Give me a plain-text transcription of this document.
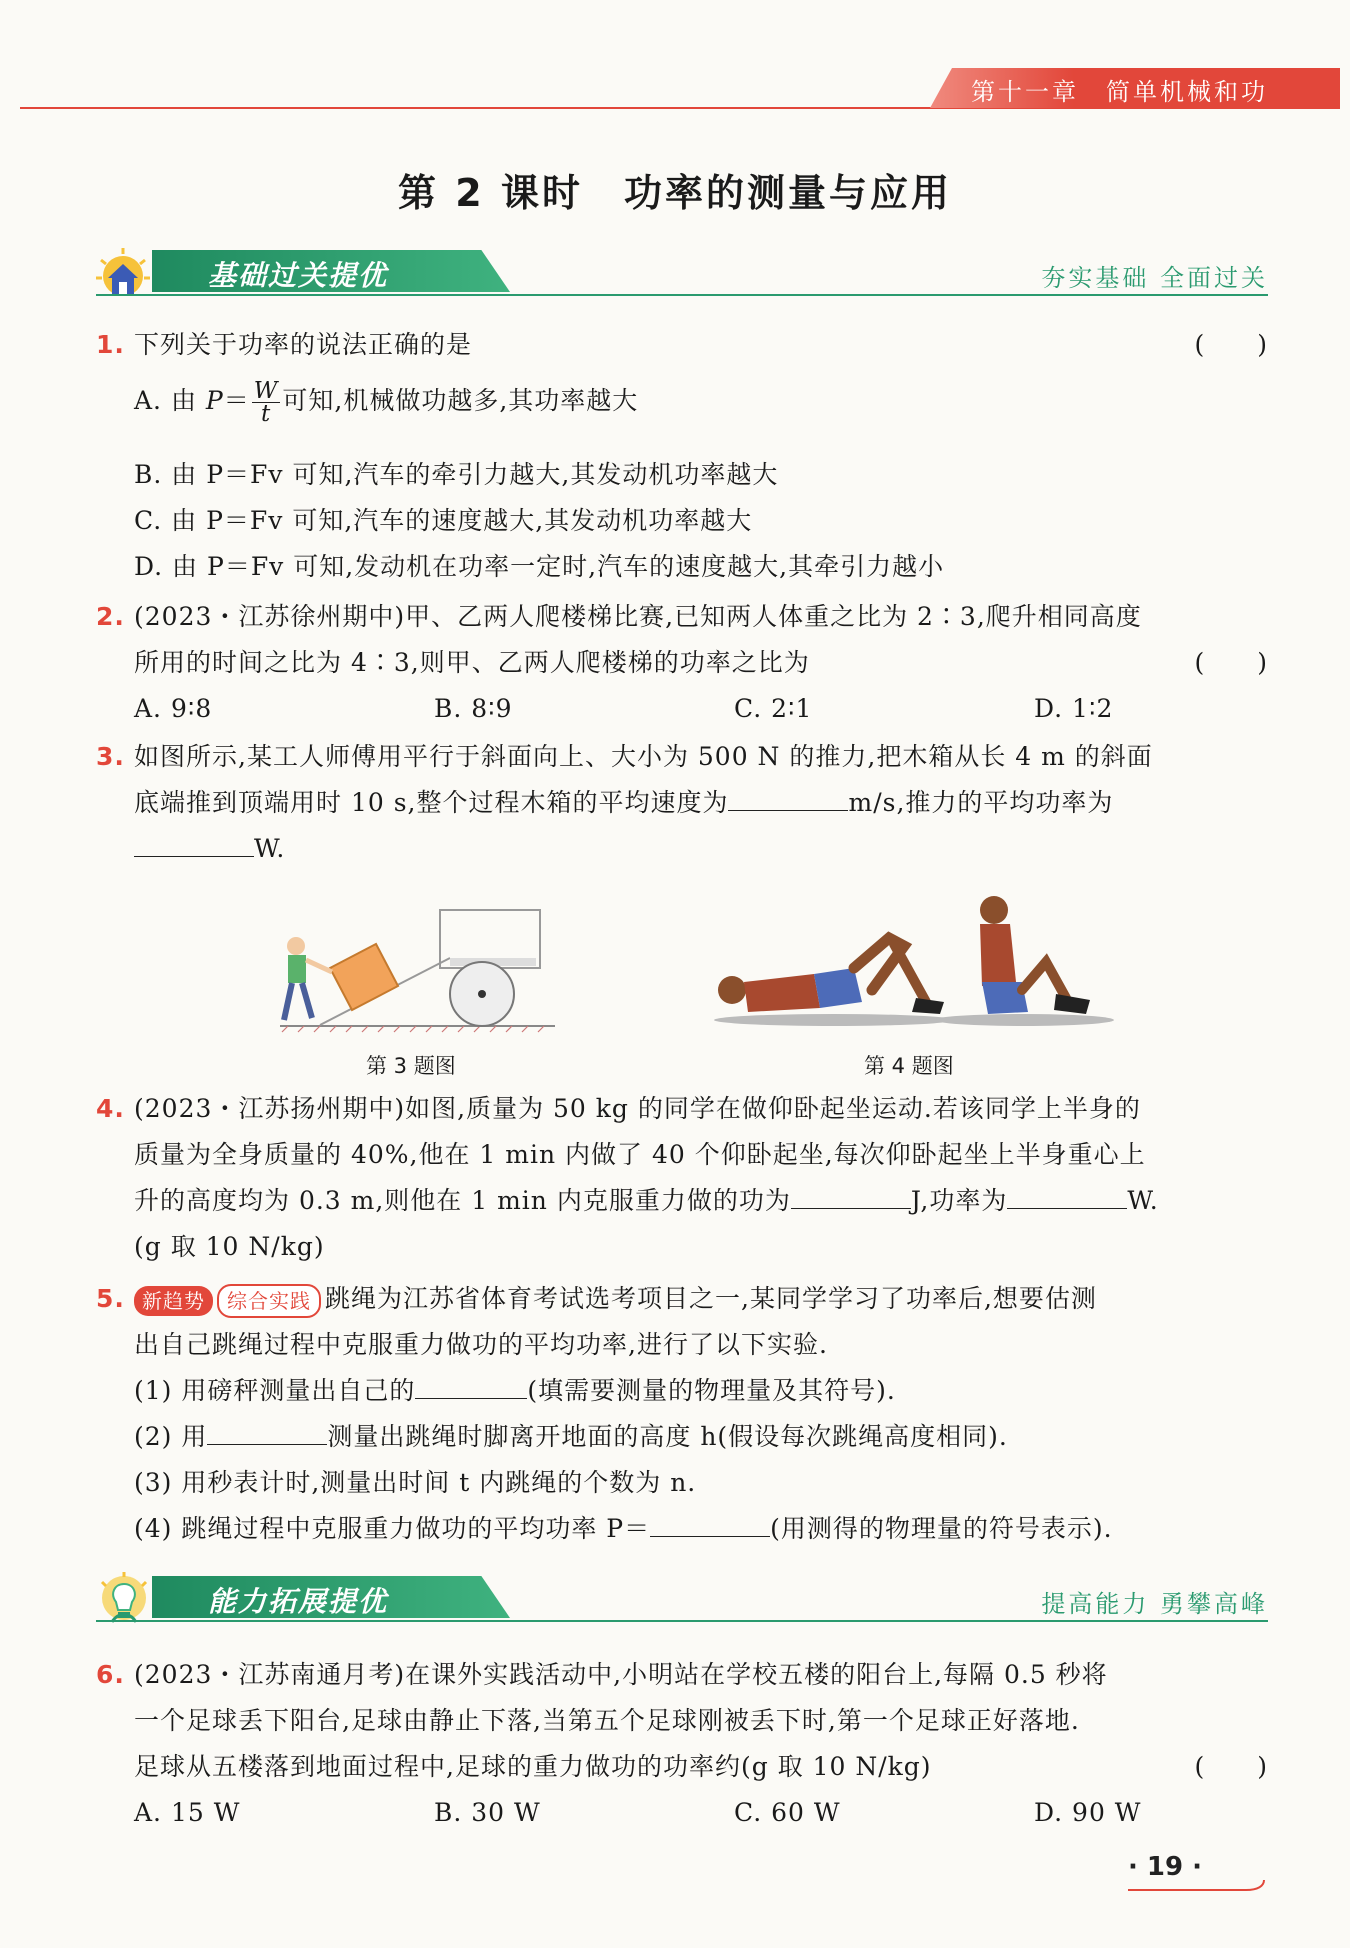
第十一章　简单机械和功
第 2 课时　功率的测量与应用
基础过关提优	夯实基础 全面过关
1. 下列关于功率的说法正确的是	(　　)
A. 由 $P= \frac{W}{t}$ 可知,机械做功越多,其功率越大
B. 由 P＝Fv 可知,汽车的牵引力越大,其发动机功率越大
C. 由 P＝Fv 可知,汽车的速度越大,其发动机功率越大
D. 由 P＝Fv 可知,发动机在功率一定时,汽车的速度越大,其牵引力越小
2. (2023・江苏徐州期中)甲、乙两人爬楼梯比赛,已知两人体重之比为 2∶3,爬升相同高度
所用的时间之比为 4∶3,则甲、乙两人爬楼梯的功率之比为	(　　)
A. 9∶8	B. 8∶9	C. 2∶1	D. 1∶2
3. 如图所示,某工人师傅用平行于斜面向上、大小为 500 N 的推力,把木箱从长 4 m 的斜面
底端推到顶端用时 10 s,整个过程木箱的平均速度为	m/s,推力的平均功率为
W.
第 3 题图	第 4 题图
4. (2023・江苏扬州期中)如图,质量为 50 kg 的同学在做仰卧起坐运动.若该同学上半身的
质量为全身质量的 40%,他在 1 min 内做了 40 个仰卧起坐,每次仰卧起坐上半身重心上
升的高度均为 0.3 m,则他在 1 min 内克服重力做的功为	J,功率为	W.
(g 取 10 N/kg)
5. 新趋势 综合实践 跳绳为江苏省体育考试选考项目之一,某同学学习了功率后,想要估测
出自己跳绳过程中克服重力做功的平均功率,进行了以下实验.
(1) 用磅秤测量出自己的	(填需要测量的物理量及其符号).
(2) 用	测量出跳绳时脚离开地面的高度 h(假设每次跳绳高度相同).
(3) 用秒表计时,测量出时间 t 内跳绳的个数为 n.
(4) 跳绳过程中克服重力做功的平均功率 P＝	(用测得的物理量的符号表示).
能力拓展提优	提高能力 勇攀高峰
6. (2023・江苏南通月考)在课外实践活动中,小明站在学校五楼的阳台上,每隔 0.5 秒将
一个足球丢下阳台,足球由静止下落,当第五个足球刚被丢下时,第一个足球正好落地.
足球从五楼落到地面过程中,足球的重力做功的功率约(g 取 10 N/kg)	(　　)
A. 15 W	B. 30 W	C. 60 W	D. 90 W
· 19 ·
